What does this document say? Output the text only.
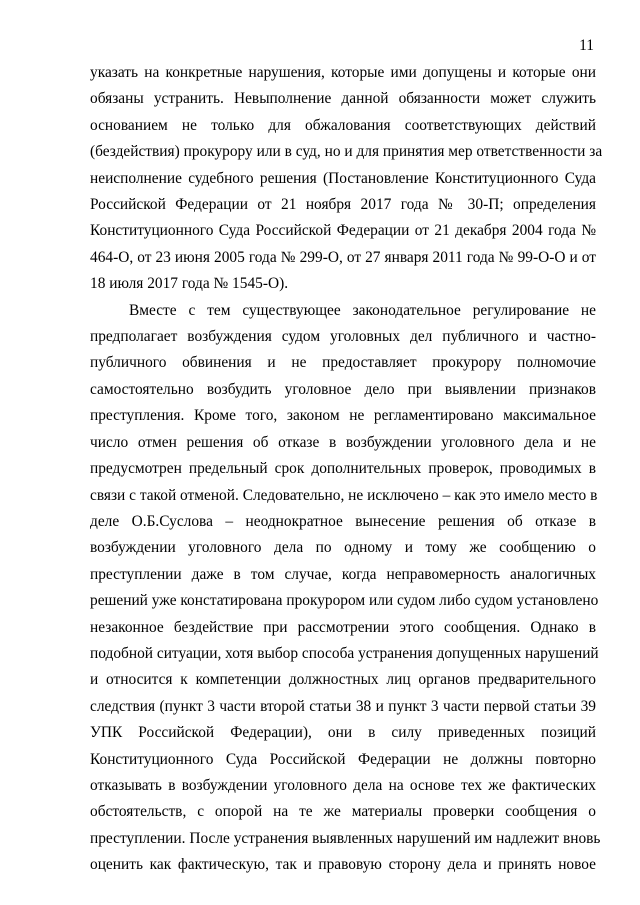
11

указать на конкретные нарушения, которые ими допущены и которые они
обязаны устранить. Невыполнение данной обязанности может служить
основанием не только для обжалования соответствующих действий
(бездействия) прокурору или в суд, но и для принятия мер ответственности за
неисполнение судебного решения (Постановление Конституционного Суда
Российской Федерации от 21 ноября 2017 года № 30-П; определения
Конституционного Суда Российской Федерации от 21 декабря 2004 года №
464-О, от 23 июня 2005 года № 299-О, от 27 января 2011 года № 99-О-О и от
18 июля 2017 года № 1545-О).

Вместе с тем существующее законодательное регулирование не
предполагает возбуждения судом уголовных дел публичного и частно-
публичного обвинения и не предоставляет прокурору полномочие
самостоятельно возбудить уголовное дело при выявлении признаков
преступления. Кроме того, законом не регламентировано максимальное
число отмен решения об отказе в возбуждении уголовного дела и не
предусмотрен предельный срок дополнительных проверок, проводимых в
связи с такой отменой. Следовательно, не исключено – как это имело место в
деле О.Б.Суслова – неоднократное вынесение решения об отказе в
возбуждении уголовного дела по одному и тому же сообщению о
преступлении даже в том случае, когда неправомерность аналогичных
решений уже констатирована прокурором или судом либо судом установлено
незаконное бездействие при рассмотрении этого сообщения. Однако в
подобной ситуации, хотя выбор способа устранения допущенных нарушений
и относится к компетенции должностных лиц органов предварительного
следствия (пункт 3 части второй статьи 38 и пункт 3 части первой статьи 39
УПК Российской Федерации), они в силу приведенных позиций
Конституционного Суда Российской Федерации не должны повторно
отказывать в возбуждении уголовного дела на основе тех же фактических
обстоятельств, с опорой на те же материалы проверки сообщения о
преступлении. После устранения выявленных нарушений им надлежит вновь
оценить как фактическую, так и правовую сторону дела и принять новое
